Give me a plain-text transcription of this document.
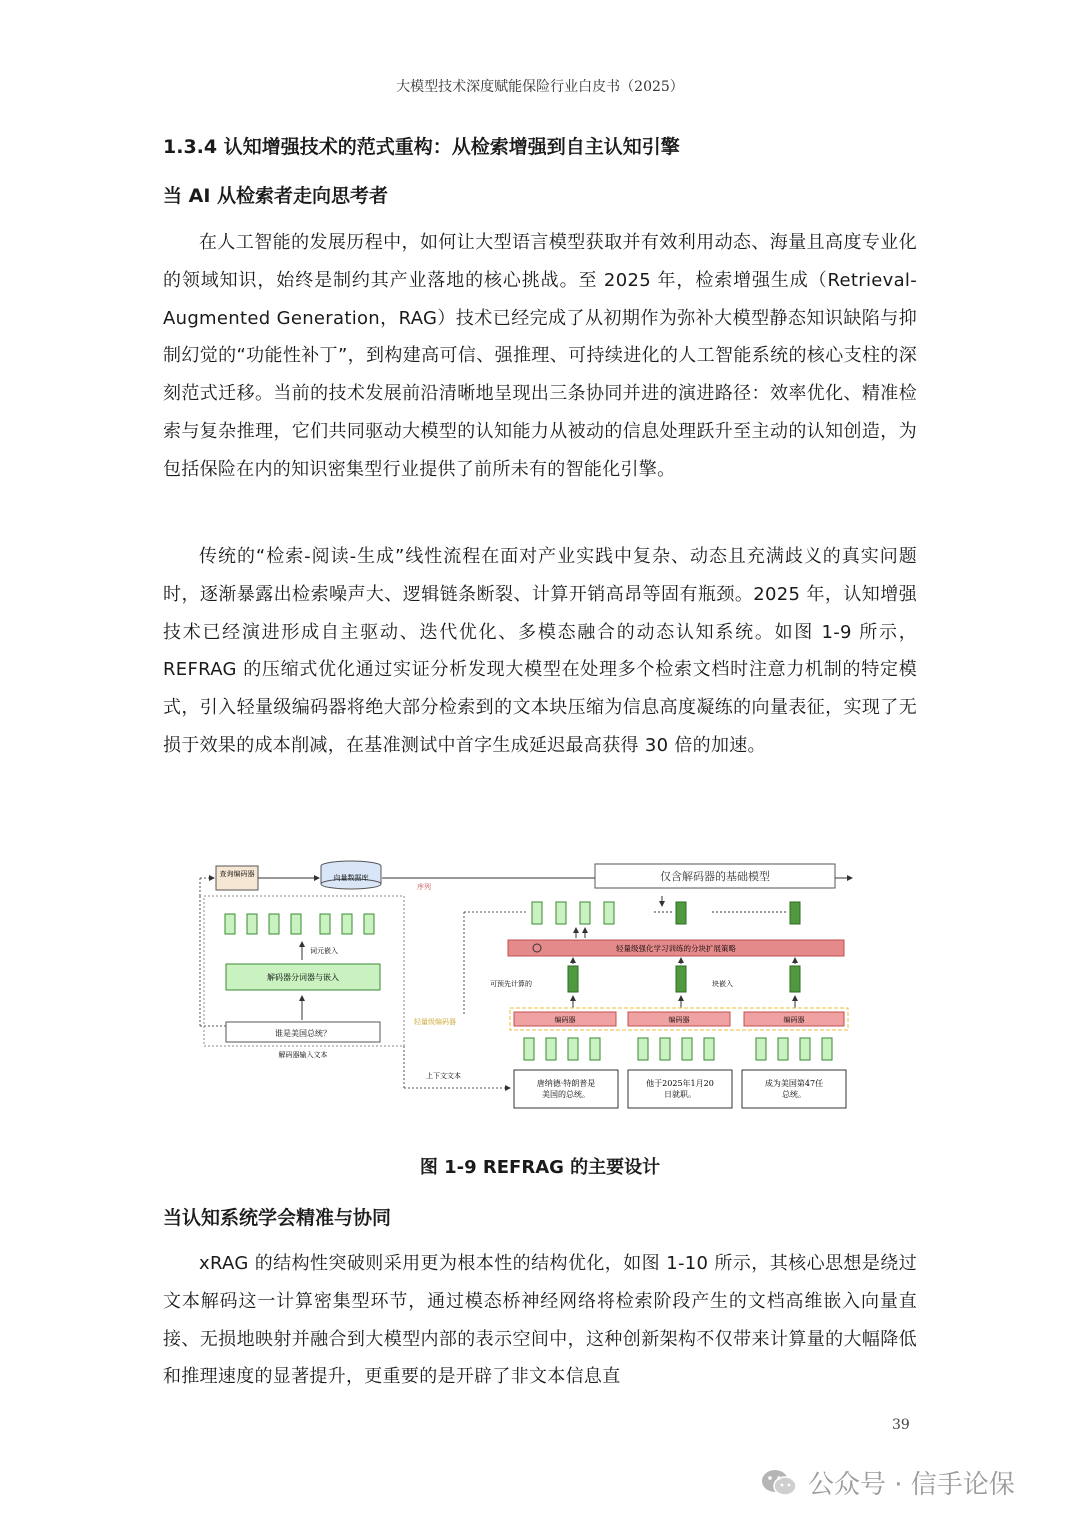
大模型技术深度赋能保险行业白皮书（2025）
1.3.4 认知增强技术的范式重构：从检索增强到自主认知引擎
当 AI 从检索者走向思考者

在人工智能的发展历程中，如何让大型语言模型获取并有效利用动态、海量且高度专业化的领域知识，始终是制约其产业落地的核心挑战。至 2025 年，检索增强生成（Retrieval-Augmented Generation，RAG）技术已经完成了从初期作为弥补大模型静态知识缺陷与抑制幻觉的“功能性补丁”，到构建高可信、强推理、可持续进化的人工智能系统的核心支柱的深刻范式迁移。当前的技术发展前沿清晰地呈现出三条协同并进的演进路径：效率优化、精准检索与复杂推理，它们共同驱动大模型的认知能力从被动的信息处理跃升至主动的认知创造，为包括保险在内的知识密集型行业提供了前所未有的智能化引擎。

传统的“检索-阅读-生成”线性流程在面对产业实践中复杂、动态且充满歧义的真实问题时，逐渐暴露出检索噪声大、逻辑链条断裂、计算开销高昂等固有瓶颈。2025 年，认知增强技术已经演进形成自主驱动、迭代优化、多模态融合的动态认知系统。如图 1-9 所示，REFRAG 的压缩式优化通过实证分析发现大模型在处理多个检索文档时注意力机制的特定模式，引入轻量级编码器将绝大部分检索到的文本块压缩为信息高度凝练的向量表征，实现了无损于效果的成本削减，在基准测试中首字生成延迟最高获得 30 倍的加速。

查询编码器	向量数据库
序列
仅含解码器的基础模型
词元嵌入
解码器分词器与嵌入
谁是美国总统？
解码器输入文本
上下文文本
轻量级强化学习训练的分块扩展策略
可预先计算的	块嵌入
轻量级编码器	编码器	编码器	编码器
唐纳德·特朗普是
美国的总统。
他于2025年1月20
日就职。
成为美国第47任
总统。
图 1-9 REFRAG 的主要设计
当认知系统学会精准与协同

xRAG 的结构性突破则采用更为根本性的结构优化，如图 1-10 所示，其核心思想是绕过文本解码这一计算密集型环节，通过模态桥神经网络将检索阶段产生的文档高维嵌入向量直接、无损地映射并融合到大模型内部的表示空间中，这种创新架构不仅带来计算量的大幅降低和推理速度的显著提升，更重要的是开辟了非文本信息直

39
公众号 · 信手论保
